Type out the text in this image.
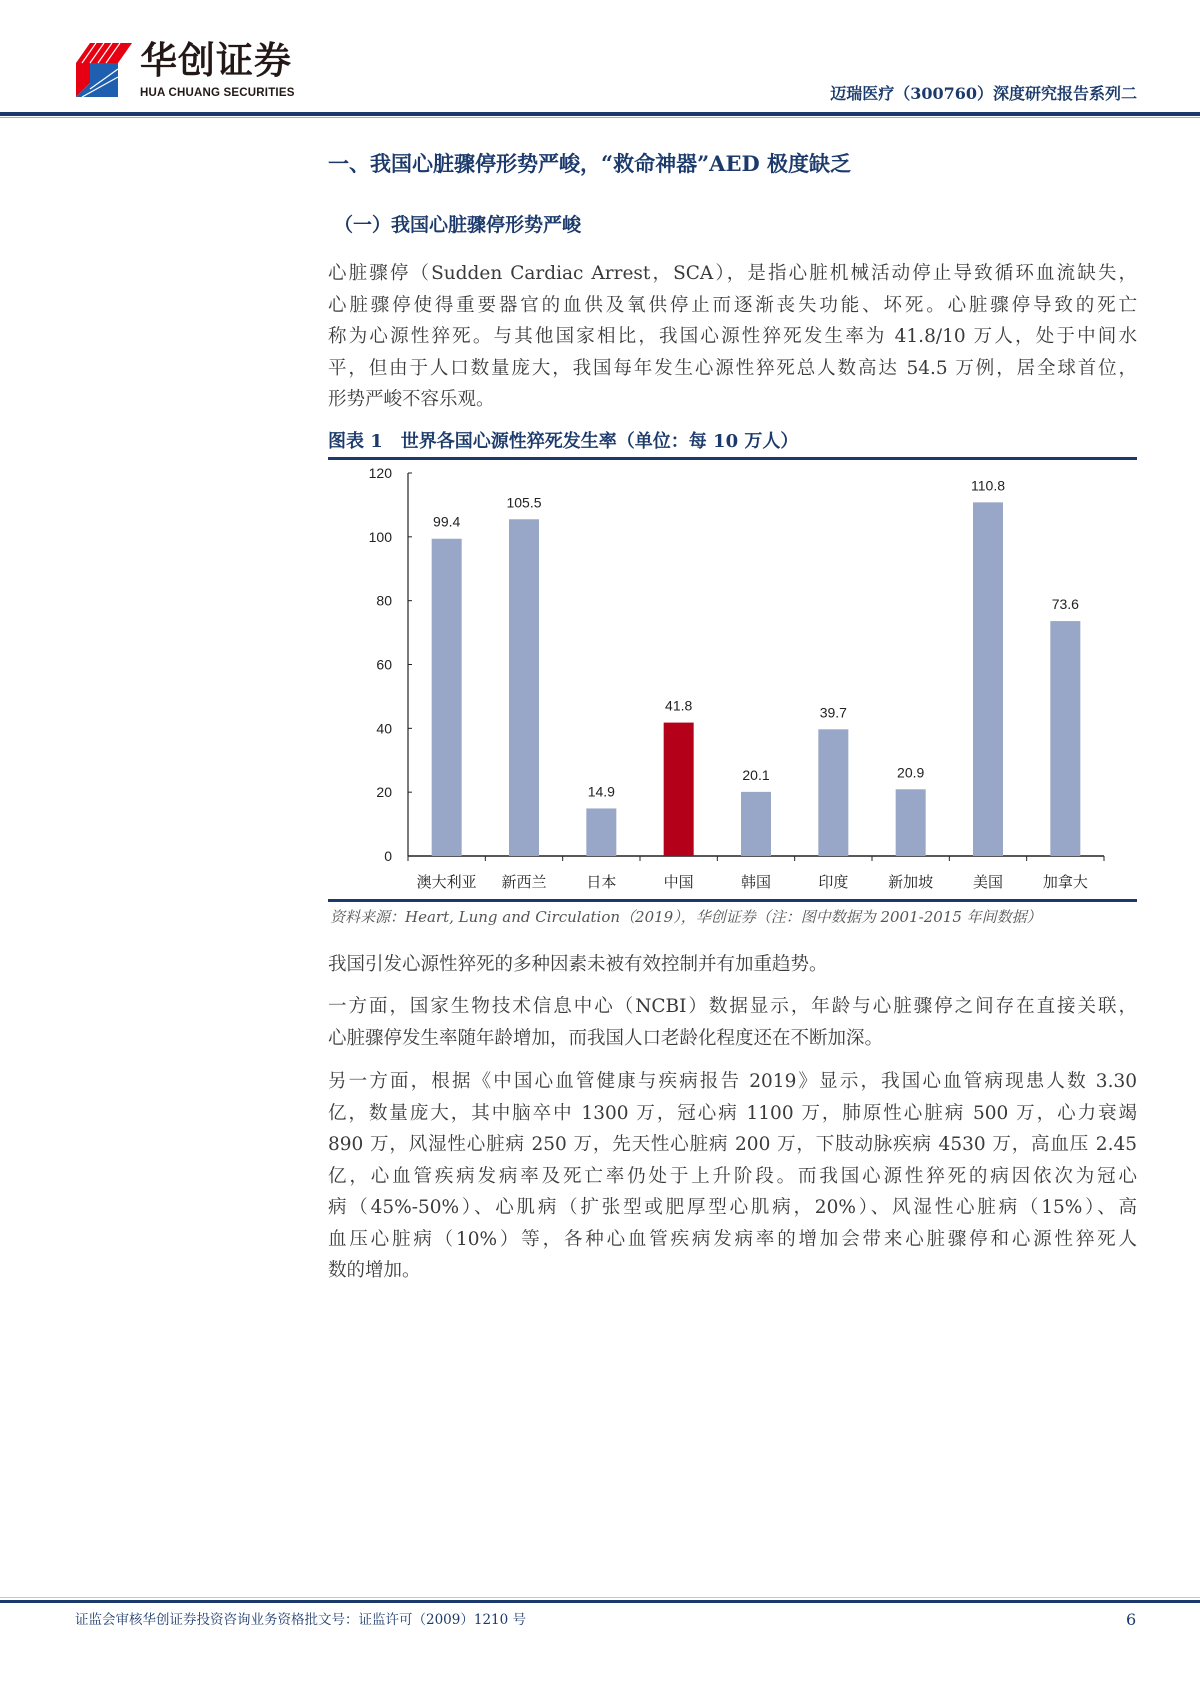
华创证券
HUA CHUANG SECURITIES	迈瑞医疗（300760）深度研究报告系列二
一、我国心脏骤停形势严峻，“救命神器”AED 极度缺乏
（一）我国心脏骤停形势严峻
心脏骤停（Sudden Cardiac Arrest，SCA），是指心脏机械活动停止导致循环血流缺失，
心脏骤停使得重要器官的血供及氧供停止而逐渐丧失功能、坏死。心脏骤停导致的死亡
称为心源性猝死。与其他国家相比，我国心源性猝死发生率为 41.8/10 万人，处于中间水
平，但由于人口数量庞大，我国每年发生心源性猝死总人数高达 54.5 万例，居全球首位，
形势严峻不容乐观。
图表 1　世界各国心源性猝死发生率（单位：每 10 万人）
0
20
40
60
80
100
120
99.4
澳大利亚
105.5
新西兰
14.9
日本
41.8
中国
20.1
韩国
39.7
印度
20.9
新加坡
110.8
美国
73.6
加拿大
资料来源：Heart, Lung and Circulation（2019），华创证券（注：图中数据为 2001-2015 年间数据）
我国引发心源性猝死的多种因素未被有效控制并有加重趋势。
一方面，国家生物技术信息中心（NCBI）数据显示，年龄与心脏骤停之间存在直接关联，
心脏骤停发生率随年龄增加，而我国人口老龄化程度还在不断加深。
另一方面，根据《中国心血管健康与疾病报告 2019》显示，我国心血管病现患人数 3.30
亿，数量庞大，其中脑卒中 1300 万，冠心病 1100 万，肺原性心脏病 500 万，心力衰竭
890 万，风湿性心脏病 250 万，先天性心脏病 200 万，下肢动脉疾病 4530 万，高血压 2.45
亿，心血管疾病发病率及死亡率仍处于上升阶段。而我国心源性猝死的病因依次为冠心
病（45%-50%）、心肌病（扩张型或肥厚型心肌病，20%）、风湿性心脏病（15%）、高
血压心脏病（10%）等，各种心血管疾病发病率的增加会带来心脏骤停和心源性猝死人
数的增加。
证监会审核华创证券投资咨询业务资格批文号：证监许可（2009）1210 号	6
